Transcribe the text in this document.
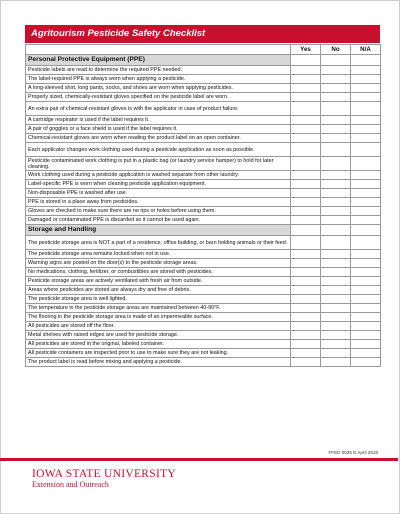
Agritourism Pesticide Safety Checklist
	Yes	No	N/A
Personal Protective Equipment (PPE)			
Pesticide labels are read to determine the required PPE needed.			
The label-required PPE is always worn when applying a pesticide.			
A long-sleeved shirt, long pants, socks, and shoes are worn when applying pesticides.			
Properly sized, chemically-resistant gloves specified on the pesticide label are worn.			
An extra pair of chemical-resistant gloves is with the applicator in case of product failure.			
A cartridge respirator is used if the label requires it.			
A pair of goggles or a face shield is used if the label requires it.			
Chemical-resistant gloves are worn when reading the product label on an open container.			
Each applicator changes work clothing used during a pesticide application as soon as possible.			
Pesticide contaminated work clothing is put in a plastic bag (or laundry service hamper) to hold for later cleaning.			
Work clothing used during a pesticide application is washed separate from other laundry.			
Label-specific PPE is worn when cleaning pesticide application equipment.			
Non-disposable PPE is washed after use.			
PPE is stored in a place away from pesticides.			
Gloves are checked to make sure there are no rips or holes before using them.			
Damaged or contaminated PPE is discarded so it cannot be used again.			
Storage and Handling			
The pesticide storage area is NOT a part of a residence, office building, or barn holding animals or their feed.			
The pesticide storage area remains locked when not in use.			
Warning signs are posted on the door(s) to the pesticide storage areas.			
No medications, clothing, fertilizer, or combustibles are stored with pesticides.			
Pesticide storage areas are actively ventilated with fresh air from outside.			
Areas where pesticides are stored are always dry and free of debris.			
The pesticide storage area is well lighted.			
The temperature in the pesticide storage areas are maintained between 40-90°F.			
The flooring in the pesticide storage area is made of an impermeable surface.			
All pesticides are stored off the floor.			
Metal shelves with raised edges are used for pesticide storage.			
All pesticides are stored in the original, labeled container.			
All pesticide containers are inspected prior to use to make sure they are not leaking.			
The product label is read before mixing and applying a pesticide.			
FFED 0025 E April 2019
IOWA STATE UNIVERSITY
Extension and Outreach
